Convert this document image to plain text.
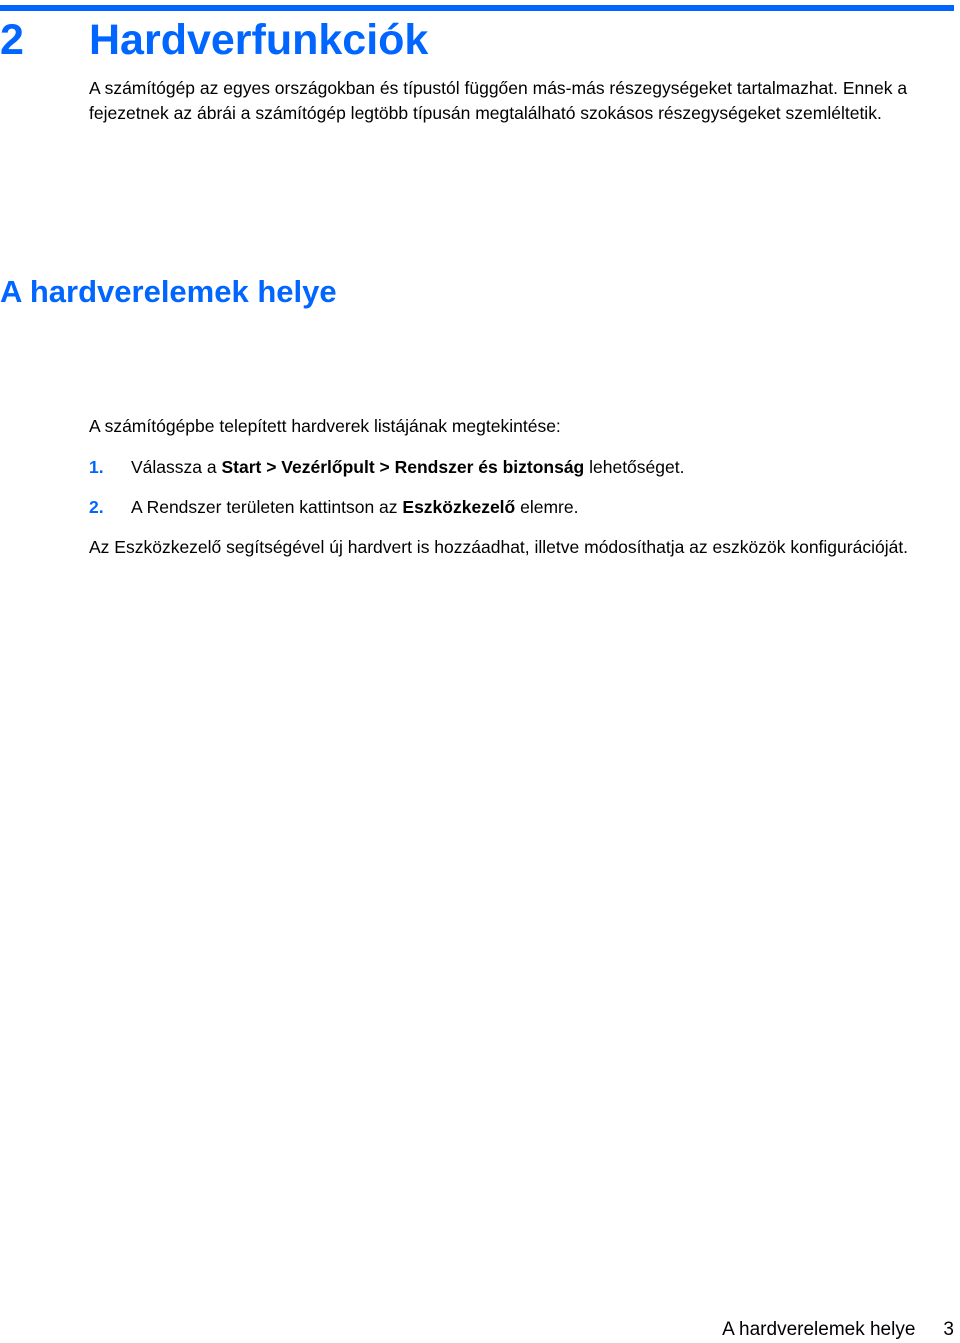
2 Hardverfunkciók
A hardverelemek helye

A számítógép az egyes országokban és típustól függően más-más részegységeket tartalmazhat. Ennek a fejezetnek az ábrái a számítógép legtöbb típusán megtalálható szokásos részegységeket szemléltetik.

A számítógépbe telepített hardverek listájának megtekintése:

1. Válassza a Start > Vezérlőpult > Rendszer és biztonság lehetőséget.
2. A Rendszer területen kattintson az Eszközkezelő elemre.

Az Eszközkezelő segítségével új hardvert is hozzáadhat, illetve módosíthatja az eszközök konfigurációját.

A hardverelemek helye 3
